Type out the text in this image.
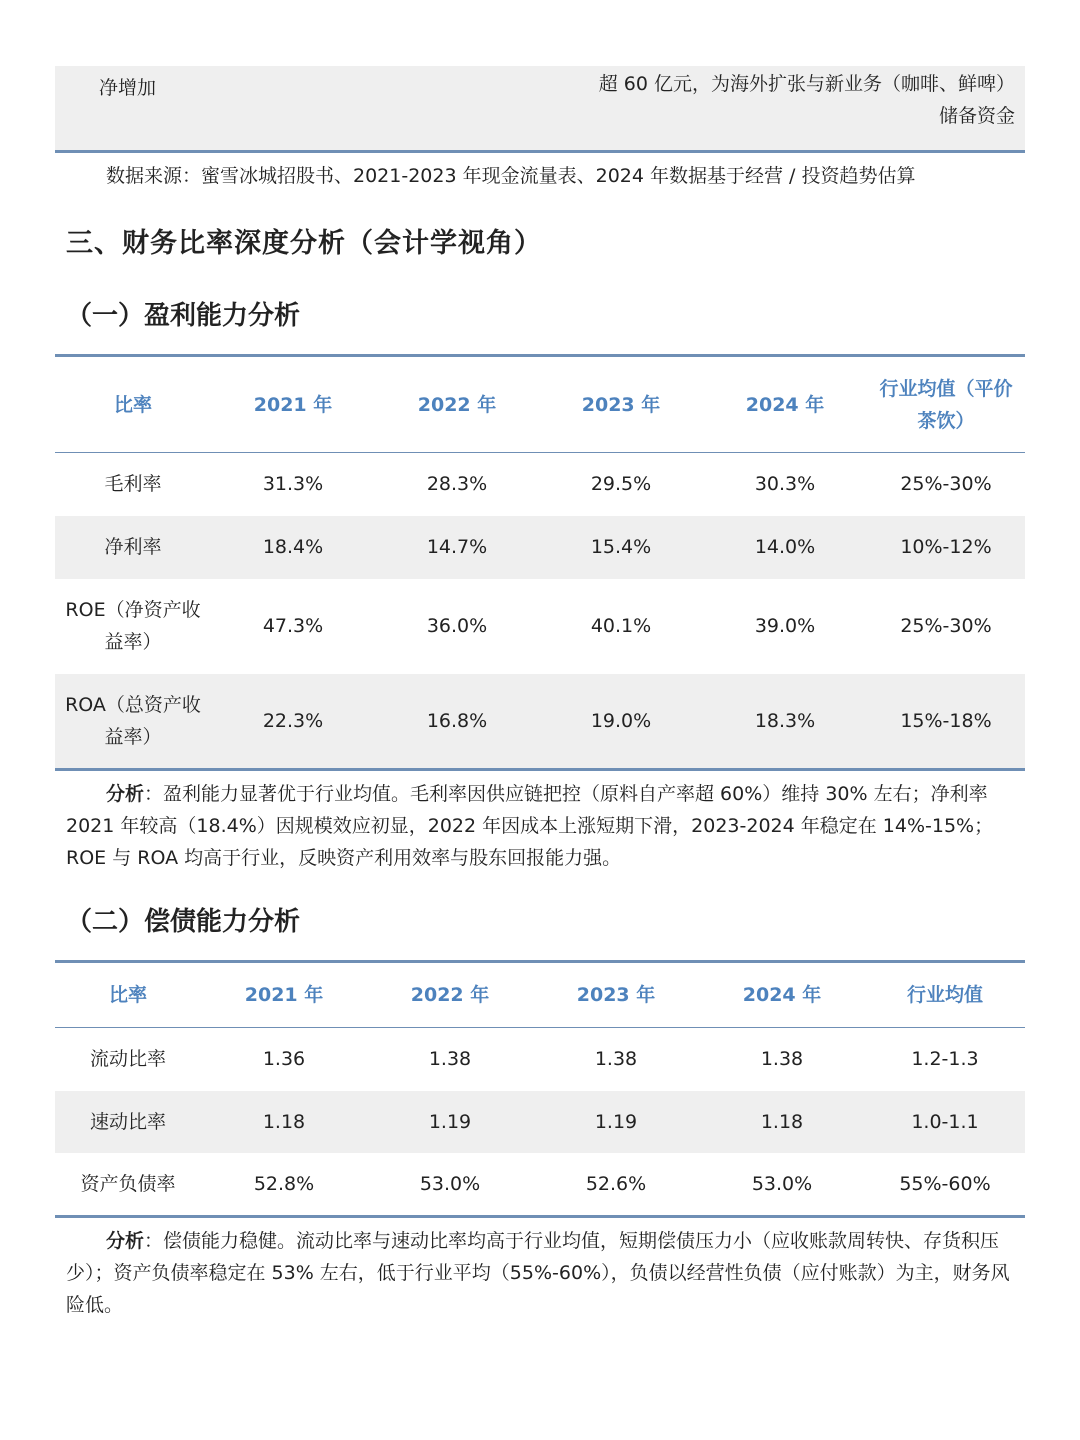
净增加	超 60 亿元，为海外扩张与新业务（咖啡、鲜啤）储备资金
数据来源：蜜雪冰城招股书、2021-2023 年现金流量表、2024 年数据基于经营 / 投资趋势估算
三、财务比率深度分析（会计学视角）
（一）盈利能力分析
比率	2021 年	2022 年	2023 年	2024 年	行业均值（平价茶饮）
毛利率	31.3%	28.3%	29.5%	30.3%	25%-30%
净利率	18.4%	14.7%	15.4%	14.0%	10%-12%
ROE（净资产收益率）	47.3%	36.0%	40.1%	39.0%	25%-30%
ROA（总资产收益率）	22.3%	16.8%	19.0%	18.3%	15%-18%

分析：盈利能力显著优于行业均值。毛利率因供应链把控（原料自产率超 60%）维持 30% 左右；净利率 2021 年较高（18.4%）因规模效应初显，2022 年因成本上涨短期下滑，2023-2024 年稳定在 14%-15%；ROE 与 ROA 均高于行业，反映资产利用效率与股东回报能力强。

（二）偿债能力分析
比率	2021 年	2022 年	2023 年	2024 年	行业均值
流动比率	1.36	1.38	1.38	1.38	1.2-1.3
速动比率	1.18	1.19	1.19	1.18	1.0-1.1
资产负债率	52.8%	53.0%	52.6%	53.0%	55%-60%

分析：偿债能力稳健。流动比率与速动比率均高于行业均值，短期偿债压力小（应收账款周转快、存货积压少）；资产负债率稳定在 53% 左右，低于行业平均（55%-60%），负债以经营性负债（应付账款）为主，财务风险低。
